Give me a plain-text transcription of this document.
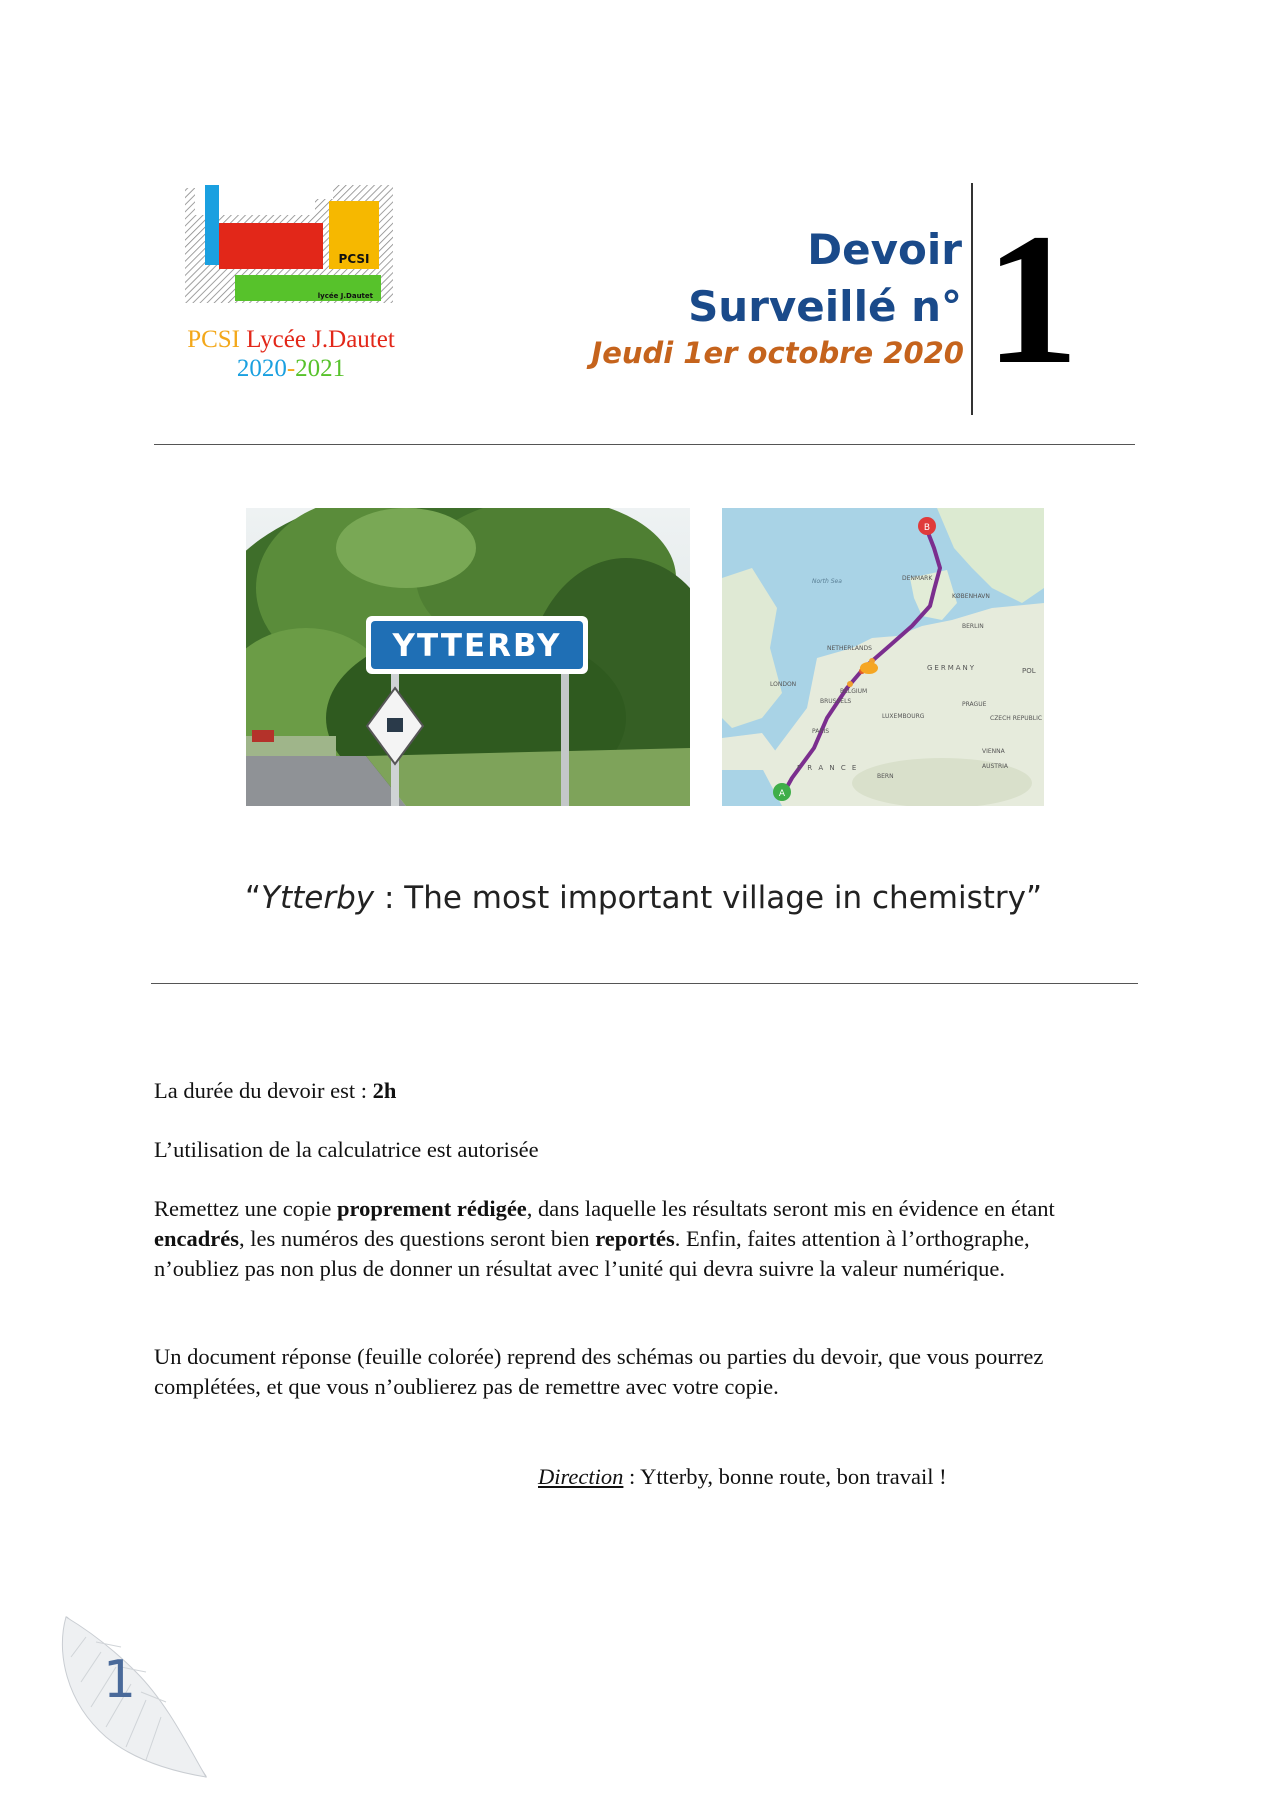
PCSI
lycée J.Dautet
PCSI Lycée J.Dautet
2020-2021
Devoir
Surveillé n°
Jeudi 1er octobre 2020 1
YTTERBY
A
B
North Sea	DENMARK
KØBENHAVN
NETHERLANDS
GERMANY	POL
BERLIN
LONDON
BRUSSELS
BELGIUM
LUXEMBOURG
PRAGUE
CZECH REPUBLIC
VIENNA
AUSTRIA
F R A N C E
BERN
PARIS
“Ytterby : The most important village in chemistry”
La durée du devoir est : 2h
L’utilisation de la calculatrice est autorisée
Remettez une copie proprement rédigée, dans laquelle les résultats seront mis en évidence en étant encadrés, les numéros des questions seront bien reportés. Enfin, faites attention à l’orthographe, n’oubliez pas non plus de donner un résultat avec l’unité qui devra suivre la valeur numérique.
Un document réponse (feuille colorée) reprend des schémas ou parties du devoir, que vous pourrez complétées, et que vous n’oublierez pas de remettre avec votre copie.
Direction : Ytterby, bonne route, bon travail !
1
